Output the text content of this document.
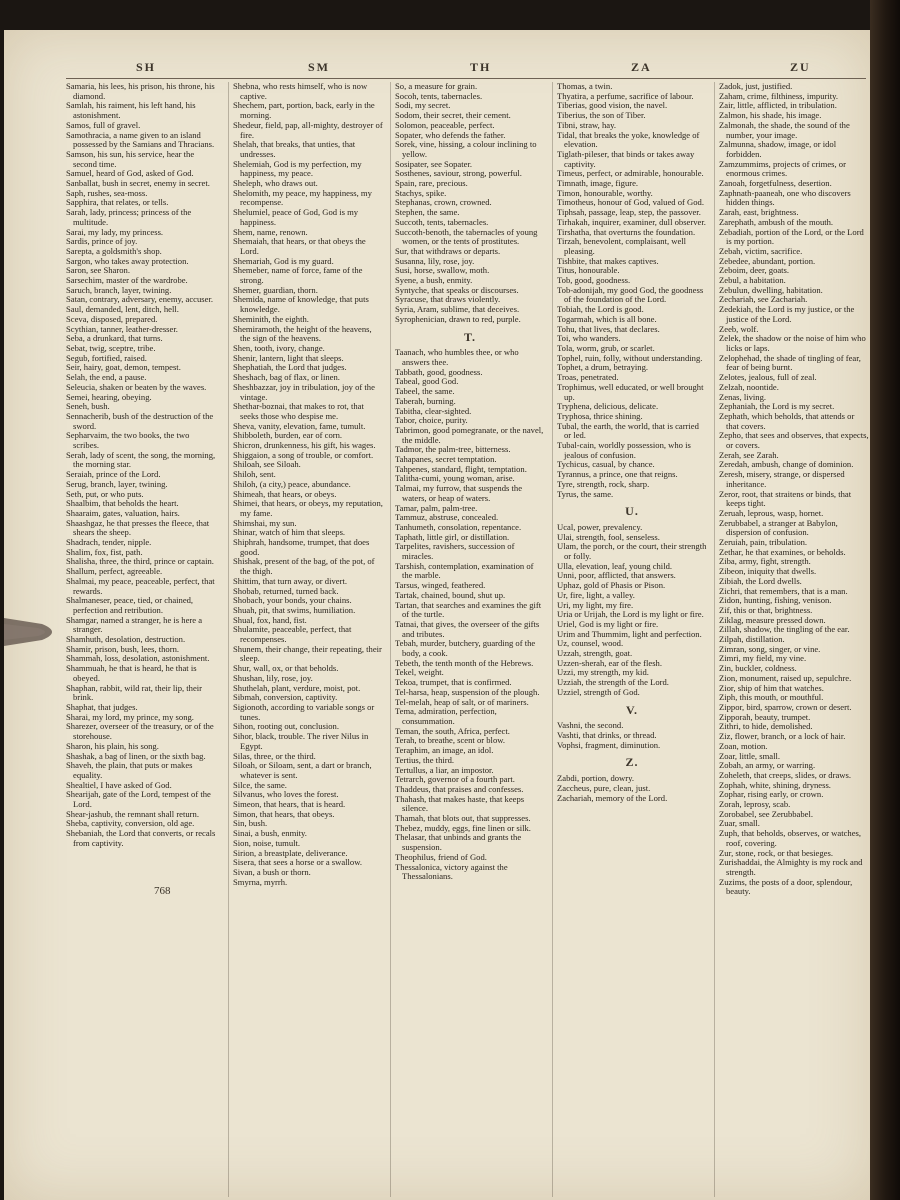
SH	SM	TH	ZA	ZU
Samaria, his lees, his prison, his throne, his diamond.
Samlah, his raiment, his left hand, his astonishment.
Samos, full of gravel.
Samothracia, a name given to an island possessed by the Samians and Thracians.
Samson, his sun, his service, hear the second time.
Samuel, heard of God, asked of God.
Sanballat, bush in secret, enemy in secret.
Saph, rushes, sea-moss.
Sapphira, that relates, or tells.
Sarah, lady, princess; princess of the multitude.
Sarai, my lady, my princess.
Sardis, prince of joy.
Sarepta, a goldsmith's shop.
Sargon, who takes away protection.
Saron, see Sharon.
Sarsechim, master of the wardrobe.
Saruch, branch, layer, twining.
Satan, contrary, adversary, enemy, accuser.
Saul, demanded, lent, ditch, hell.
Sceva, disposed, prepared.
Scythian, tanner, leather-dresser.
Seba, a drunkard, that turns.
Sebat, twig, sceptre, tribe.
Segub, fortified, raised.
Seir, hairy, goat, demon, tempest.
Selah, the end, a pause.
Seleucia, shaken or beaten by the waves.
Semei, hearing, obeying.
Seneh, bush.
Sennacherib, bush of the destruction of the sword.
Sepharvaim, the two books, the two scribes.
Serah, lady of scent, the song, the morning, the morning star.
Seraiah, prince of the Lord.
Serug, branch, layer, twining.
Seth, put, or who puts.
Shaalbim, that beholds the heart.
Shaaraim, gates, valuation, hairs.
Shaashgaz, he that presses the fleece, that shears the sheep.
Shadrach, tender, nipple.
Shalim, fox, fist, path.
Shalisha, three, the third, prince or captain.
Shallum, perfect, agreeable.
Shalmai, my peace, peaceable, perfect, that rewards.
Shalmaneser, peace, tied, or chained, perfection and retribution.
Shamgar, named a stranger, he is here a stranger.
Shamhuth, desolation, destruction.
Shamir, prison, bush, lees, thorn.
Shammah, loss, desolation, astonishment.
Shammuah, he that is heard, he that is obeyed.
Shaphan, rabbit, wild rat, their lip, their brink.
Shaphat, that judges.
Sharai, my lord, my prince, my song.
Sharezer, overseer of the treasury, or of the storehouse.
Sharon, his plain, his song.
Shashak, a bag of linen, or the sixth bag.
Shaveh, the plain, that puts or makes equality.
Shealtiel, I have asked of God.
Shearijah, gate of the Lord, tempest of the Lord.
Shear-jashub, the remnant shall return.
Sheba, captivity, conversion, old age.
Shebaniah, the Lord that converts, or recals from captivity.
Shebna, who rests himself, who is now captive.
Shechem, part, portion, back, early in the morning.
Shedeur, field, pap, all-mighty, destroyer of fire.
Shelah, that breaks, that unties, that undresses.
Shelemiah, God is my perfection, my happiness, my peace.
Sheleph, who draws out.
Shelomith, my peace, my happiness, my recompense.
Shelumiel, peace of God, God is my happiness.
Shem, name, renown.
Shemaiah, that hears, or that obeys the Lord.
Shemariah, God is my guard.
Shemeber, name of force, fame of the strong.
Shemer, guardian, thorn.
Shemida, name of knowledge, that puts knowledge.
Sheminith, the eighth.
Shemiramoth, the height of the heavens, the sign of the heavens.
Shen, tooth, ivory, change.
Shenir, lantern, light that sleeps.
Shephatiah, the Lord that judges.
Sheshach, bag of flax, or linen.
Sheshbazzar, joy in tribulation, joy of the vintage.
Shethar-boznai, that makes to rot, that seeks those who despise me.
Sheva, vanity, elevation, fame, tumult.
Shibboleth, burden, ear of corn.
Shicron, drunkenness, his gift, his wages.
Shiggaion, a song of trouble, or comfort.
Shiloah, see Siloah.
Shiloh, sent.
Shiloh, (a city,) peace, abundance.
Shimeah, that hears, or obeys.
Shimei, that hears, or obeys, my reputation, my fame.
Shimshai, my sun.
Shinar, watch of him that sleeps.
Shiphrah, handsome, trumpet, that does good.
Shishak, present of the bag, of the pot, of the thigh.
Shittim, that turn away, or divert.
Shobab, returned, turned back.
Shobach, your bonds, your chains.
Shuah, pit, that swims, humiliation.
Shual, fox, hand, fist.
Shulamite, peaceable, perfect, that recompenses.
Shunem, their change, their repeating, their sleep.
Shur, wall, ox, or that beholds.
Shushan, lily, rose, joy.
Shuthelah, plant, verdure, moist, pot.
Sibmah, conversion, captivity.
Sigionoth, according to variable songs or tunes.
Sihon, rooting out, conclusion.
Sihor, black, trouble. The river Nilus in Egypt.
Silas, three, or the third.
Siloah, or Siloam, sent, a dart or branch, whatever is sent.
Silce, the same.
Silvanus, who loves the forest.
Simeon, that hears, that is heard.
Simon, that hears, that obeys.
Sin, bush.
Sinai, a bush, enmity.
Sion, noise, tumult.
Sirion, a breastplate, deliverance.
Sisera, that sees a horse or a swallow.
Sivan, a bush or thorn.
Smyrna, myrrh.
So, a measure for grain.
Socoh, tents, tabernacles.
Sodi, my secret.
Sodom, their secret, their cement.
Solomon, peaceable, perfect.
Sopater, who defends the father.
Sorek, vine, hissing, a colour inclining to yellow.
Sosipater, see Sopater.
Sosthenes, saviour, strong, powerful.
Spain, rare, precious.
Stachys, spike.
Stephanas, crown, crowned.
Stephen, the same.
Succoth, tents, tabernacles.
Succoth-benoth, the tabernacles of young women, or the tents of prostitutes.
Sur, that withdraws or departs.
Susanna, lily, rose, joy.
Susi, horse, swallow, moth.
Syene, a bush, enmity.
Syntyche, that speaks or discourses.
Syracuse, that draws violently.
Syria, Aram, sublime, that deceives.
Syrophenician, drawn to red, purple.
T.
Taanach, who humbles thee, or who answers thee.
Tabbath, good, goodness.
Tabeal, good God.
Tabeel, the same.
Taberah, burning.
Tabitha, clear-sighted.
Tabor, choice, purity.
Tabrimon, good pomegranate, or the navel, the middle.
Tadmor, the palm-tree, bitterness.
Tahapanes, secret temptation.
Tahpenes, standard, flight, temptation.
Talitha-cumi, young woman, arise.
Talmai, my furrow, that suspends the waters, or heap of waters.
Tamar, palm, palm-tree.
Tammuz, abstruse, concealed.
Tanhumeth, consolation, repentance.
Taphath, little girl, or distillation.
Tarpelites, ravishers, succession of miracles.
Tarshish, contemplation, examination of the marble.
Tarsus, winged, feathered.
Tartak, chained, bound, shut up.
Tartan, that searches and examines the gift of the turtle.
Tatnai, that gives, the overseer of the gifts and tributes.
Tebah, murder, butchery, guarding of the body, a cook.
Tebeth, the tenth month of the Hebrews.
Tekel, weight.
Tekoa, trumpet, that is confirmed.
Tel-harsa, heap, suspension of the plough.
Tel-melah, heap of salt, or of mariners.
Tema, admiration, perfection, consummation.
Teman, the south, Africa, perfect.
Terah, to breathe, scent or blow.
Teraphim, an image, an idol.
Tertius, the third.
Tertullus, a liar, an impostor.
Tetrarch, governor of a fourth part.
Thaddeus, that praises and confesses.
Thahash, that makes haste, that keeps silence.
Thamah, that blots out, that suppresses.
Thebez, muddy, eggs, fine linen or silk.
Thelasar, that unbinds and grants the suspension.
Theophilus, friend of God.
Thessalonica, victory against the Thessalonians.
Thomas, a twin.
Thyatira, a perfume, sacrifice of labour.
Tiberias, good vision, the navel.
Tiberius, the son of Tiber.
Tibni, straw, hay.
Tidal, that breaks the yoke, knowledge of elevation.
Tiglath-pileser, that binds or takes away captivity.
Timeus, perfect, or admirable, honourable.
Timnath, image, figure.
Timon, honourable, worthy.
Timotheus, honour of God, valued of God.
Tiphsah, passage, leap, step, the passover.
Tirhakah, inquirer, examiner, dull observer.
Tirshatha, that overturns the foundation.
Tirzah, benevolent, complaisant, well pleasing.
Tishbite, that makes captives.
Titus, honourable.
Tob, good, goodness.
Tob-adonijah, my good God, the goodness of the foundation of the Lord.
Tobiah, the Lord is good.
Togarmah, which is all bone.
Tohu, that lives, that declares.
Toi, who wanders.
Tola, worm, grub, or scarlet.
Tophel, ruin, folly, without understanding.
Tophet, a drum, betraying.
Troas, penetrated.
Trophimus, well educated, or well brought up.
Tryphena, delicious, delicate.
Tryphosa, thrice shining.
Tubal, the earth, the world, that is carried or led.
Tubal-cain, worldly possession, who is jealous of confusion.
Tychicus, casual, by chance.
Tyrannus, a prince, one that reigns.
Tyre, strength, rock, sharp.
Tyrus, the same.
U.
Ucal, power, prevalency.
Ulai, strength, fool, senseless.
Ulam, the porch, or the court, their strength or folly.
Ulla, elevation, leaf, young child.
Unni, poor, afflicted, that answers.
Uphaz, gold of Phasis or Pison.
Ur, fire, light, a valley.
Uri, my light, my fire.
Uria or Urijah, the Lord is my light or fire.
Uriel, God is my light or fire.
Urim and Thummim, light and perfection.
Uz, counsel, wood.
Uzzah, strength, goat.
Uzzen-sherah, ear of the flesh.
Uzzi, my strength, my kid.
Uzziah, the strength of the Lord.
Uzziel, strength of God.
V.
Vashni, the second.
Vashti, that drinks, or thread.
Vophsi, fragment, diminution.
Z.
Zabdi, portion, dowry.
Zaccheus, pure, clean, just.
Zachariah, memory of the Lord.
Zadok, just, justified.
Zaham, crime, filthiness, impurity.
Zair, little, afflicted, in tribulation.
Zalmon, his shade, his image.
Zalmonah, the shade, the sound of the number, your image.
Zalmunna, shadow, image, or idol forbidden.
Zamzummims, projects of crimes, or enormous crimes.
Zanoah, forgetfulness, desertion.
Zaphnath-paaneah, one who discovers hidden things.
Zarah, east, brightness.
Zarephath, ambush of the mouth.
Zebadiah, portion of the Lord, or the Lord is my portion.
Zebah, victim, sacrifice.
Zebedee, abundant, portion.
Zeboim, deer, goats.
Zebul, a habitation.
Zebulun, dwelling, habitation.
Zechariah, see Zachariah.
Zedekiah, the Lord is my justice, or the justice of the Lord.
Zeeb, wolf.
Zelek, the shadow or the noise of him who licks or laps.
Zelophehad, the shade of tingling of fear, fear of being burnt.
Zelotes, jealous, full of zeal.
Zelzah, noontide.
Zenas, living.
Zephaniah, the Lord is my secret.
Zephath, which beholds, that attends or that covers.
Zepho, that sees and observes, that expects, or covers.
Zerah, see Zarah.
Zeredah, ambush, change of dominion.
Zeresh, misery, strange, or dispersed inheritance.
Zeror, root, that straitens or binds, that keeps tight.
Zeruah, leprous, wasp, hornet.
Zerubbabel, a stranger at Babylon, dispersion of confusion.
Zeruiah, pain, tribulation.
Zethar, he that examines, or beholds.
Ziba, army, fight, strength.
Zibeon, iniquity that dwells.
Zibiah, the Lord dwells.
Zichri, that remembers, that is a man.
Zidon, hunting, fishing, venison.
Zif, this or that, brightness.
Ziklag, measure pressed down.
Zillah, shadow, the tingling of the ear.
Zilpah, distillation.
Zimran, song, singer, or vine.
Zimri, my field, my vine.
Zin, buckler, coldness.
Zion, monument, raised up, sepulchre.
Zior, ship of him that watches.
Ziph, this mouth, or mouthful.
Zippor, bird, sparrow, crown or desert.
Zipporah, beauty, trumpet.
Zithri, to hide, demolished.
Ziz, flower, branch, or a lock of hair.
Zoan, motion.
Zoar, little, small.
Zobah, an army, or warring.
Zoheleth, that creeps, slides, or draws.
Zophah, white, shining, dryness.
Zophar, rising early, or crown.
Zorah, leprosy, scab.
Zorobabel, see Zerubbabel.
Zuar, small.
Zuph, that beholds, observes, or watches, roof, covering.
Zur, stone, rock, or that besieges.
Zurishaddai, the Almighty is my rock and strength.
Zuzims, the posts of a door, splendour, beauty.
768
